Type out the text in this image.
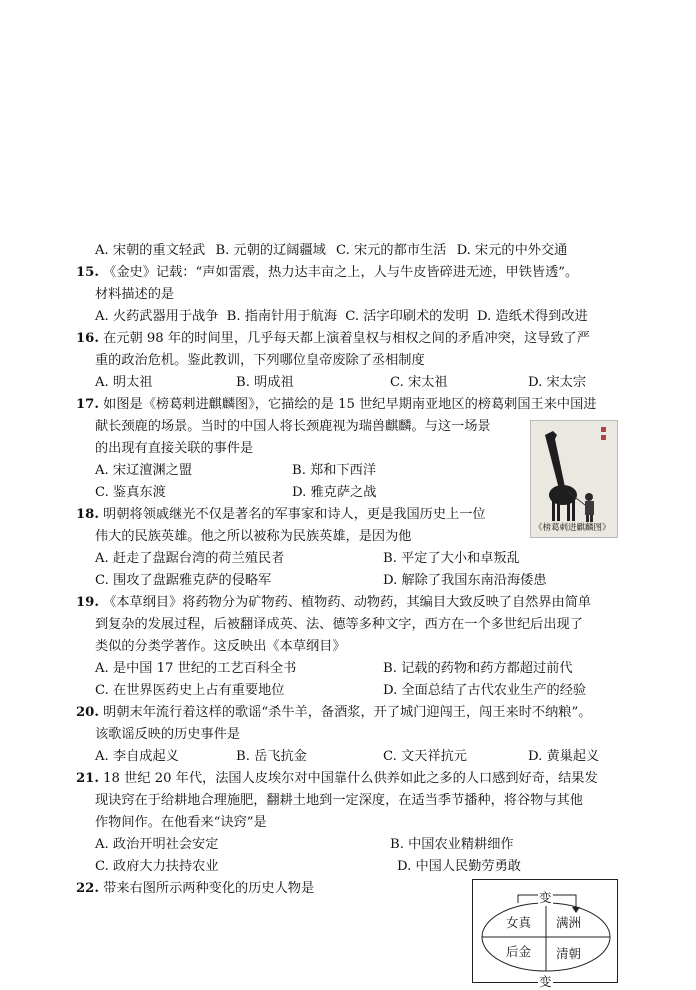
A. 宋朝的重文轻武 B. 元朝的辽阔疆域 C. 宋元的都市生活 D. 宋元的中外交通
15. 《金史》记载：“声如雷震，热力达丰亩之上，人与牛皮皆碎进无迹，甲铁皆透”。
材料描述的是
A. 火药武器用于战争 B. 指南针用于航海 C. 活字印刷术的发明 D. 造纸术得到改进
16. 在元朝 98 年的时间里，几乎每天都上演着皇权与相权之间的矛盾冲突，这导致了严
重的政治危机。鉴此教训，下列哪位皇帝废除了丞相制度
A. 明太祖	B. 明成祖	C. 宋太祖	D. 宋太宗
17. 如图是《榜葛剌进麒麟图》，它描绘的是 15 世纪早期南亚地区的榜葛剌国王来中国进
献长颈鹿的场景。当时的中国人将长颈鹿视为瑞兽麒麟。与这一场景
的出现有直接关联的事件是
A. 宋辽澶渊之盟	B. 郑和下西洋
C. 鉴真东渡	D. 雅克萨之战
《榜葛剌进麒麟图》
18. 明朝将领戚继光不仅是著名的军事家和诗人，更是我国历史上一位
伟大的民族英雄。他之所以被称为民族英雄，是因为他
A. 赶走了盘踞台湾的荷兰殖民者	B. 平定了大小和卓叛乱
C. 围攻了盘踞雅克萨的侵略军	D. 解除了我国东南沿海倭患
19. 《本草纲目》将药物分为矿物药、植物药、动物药，其编目大致反映了自然界由简单
到复杂的发展过程，后被翻译成英、法、德等多种文字，西方在一个多世纪后出现了
类似的分类学著作。这反映出《本草纲目》
A. 是中国 17 世纪的工艺百科全书	B. 记载的药物和药方都超过前代
C. 在世界医药史上占有重要地位	D. 全面总结了古代农业生产的经验
20. 明朝末年流行着这样的歌谣“杀牛羊，备酒浆，开了城门迎闯王，闯王来时不纳粮”。
该歌谣反映的历史事件是
A. 李自成起义	B. 岳飞抗金	C. 文天祥抗元	D. 黄巢起义
21. 18 世纪 20 年代，法国人皮埃尔对中国靠什么供养如此之多的人口感到好奇，结果发
现诀窍在于给耕地合理施肥，翻耕土地到一定深度，在适当季节播种，将谷物与其他
作物间作。在他看来“诀窍”是
A. 政治开明社会安定	B. 中国农业精耕细作
C. 政府大力扶持农业	D. 中国人民勤劳勇敢
22. 带来右图所示两种变化的历史人物是
变
女真 满洲
后金 清朝
变
